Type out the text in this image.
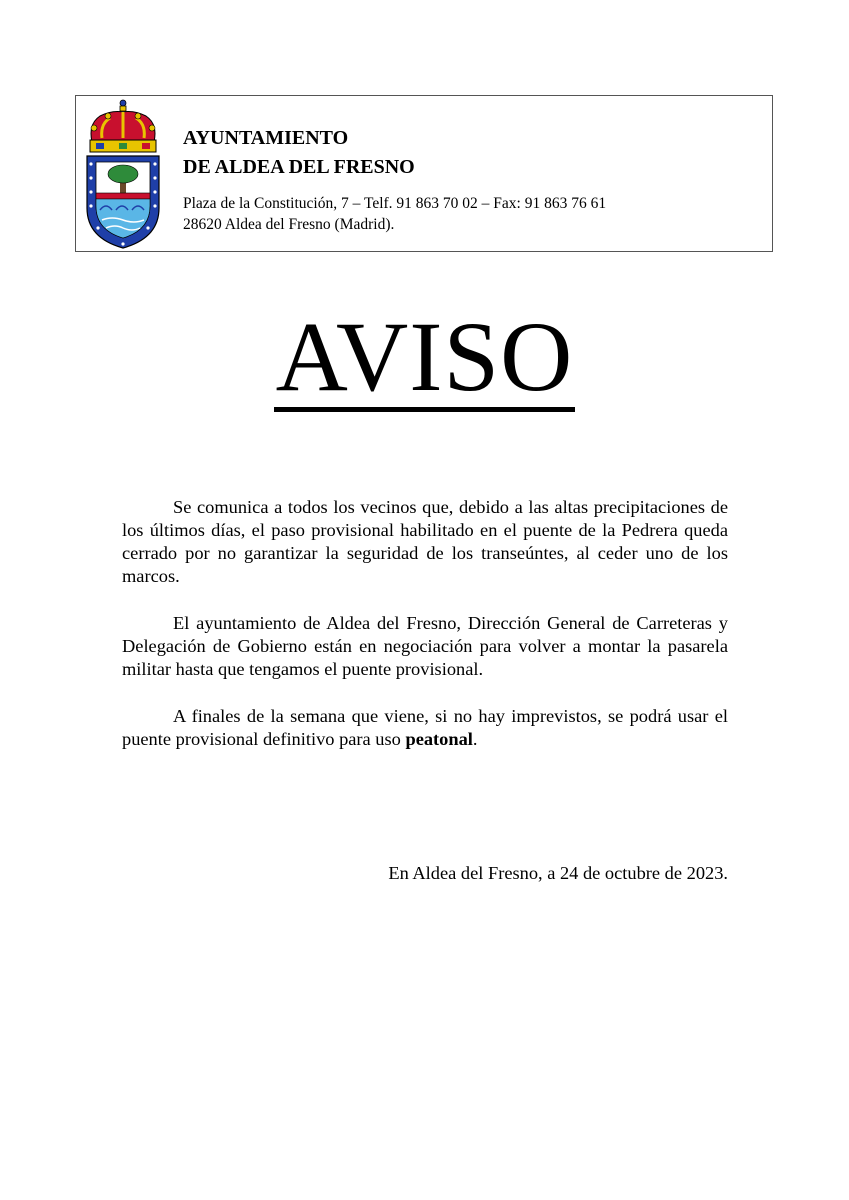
AYUNTAMIENTO
DE ALDEA DEL FRESNO
Plaza de la Constitución, 7 – Telf. 91 863 70 02 – Fax: 91 863 76 61
28620 Aldea del Fresno (Madrid).
AVISO

Se comunica a todos los vecinos que, debido a las altas precipitaciones de los últimos días, el paso provisional habilitado en el puente de la Pedrera queda cerrado por no garantizar la seguridad de los transeúntes, al ceder uno de los marcos.

El ayuntamiento de Aldea del Fresno, Dirección General de Carreteras y Delegación de Gobierno están en negociación para volver a montar la pasarela militar hasta que tengamos el puente provisional.

A finales de la semana que viene, si no hay imprevistos, se podrá usar el puente provisional definitivo para uso peatonal.

En Aldea del Fresno, a 24 de octubre de 2023.
